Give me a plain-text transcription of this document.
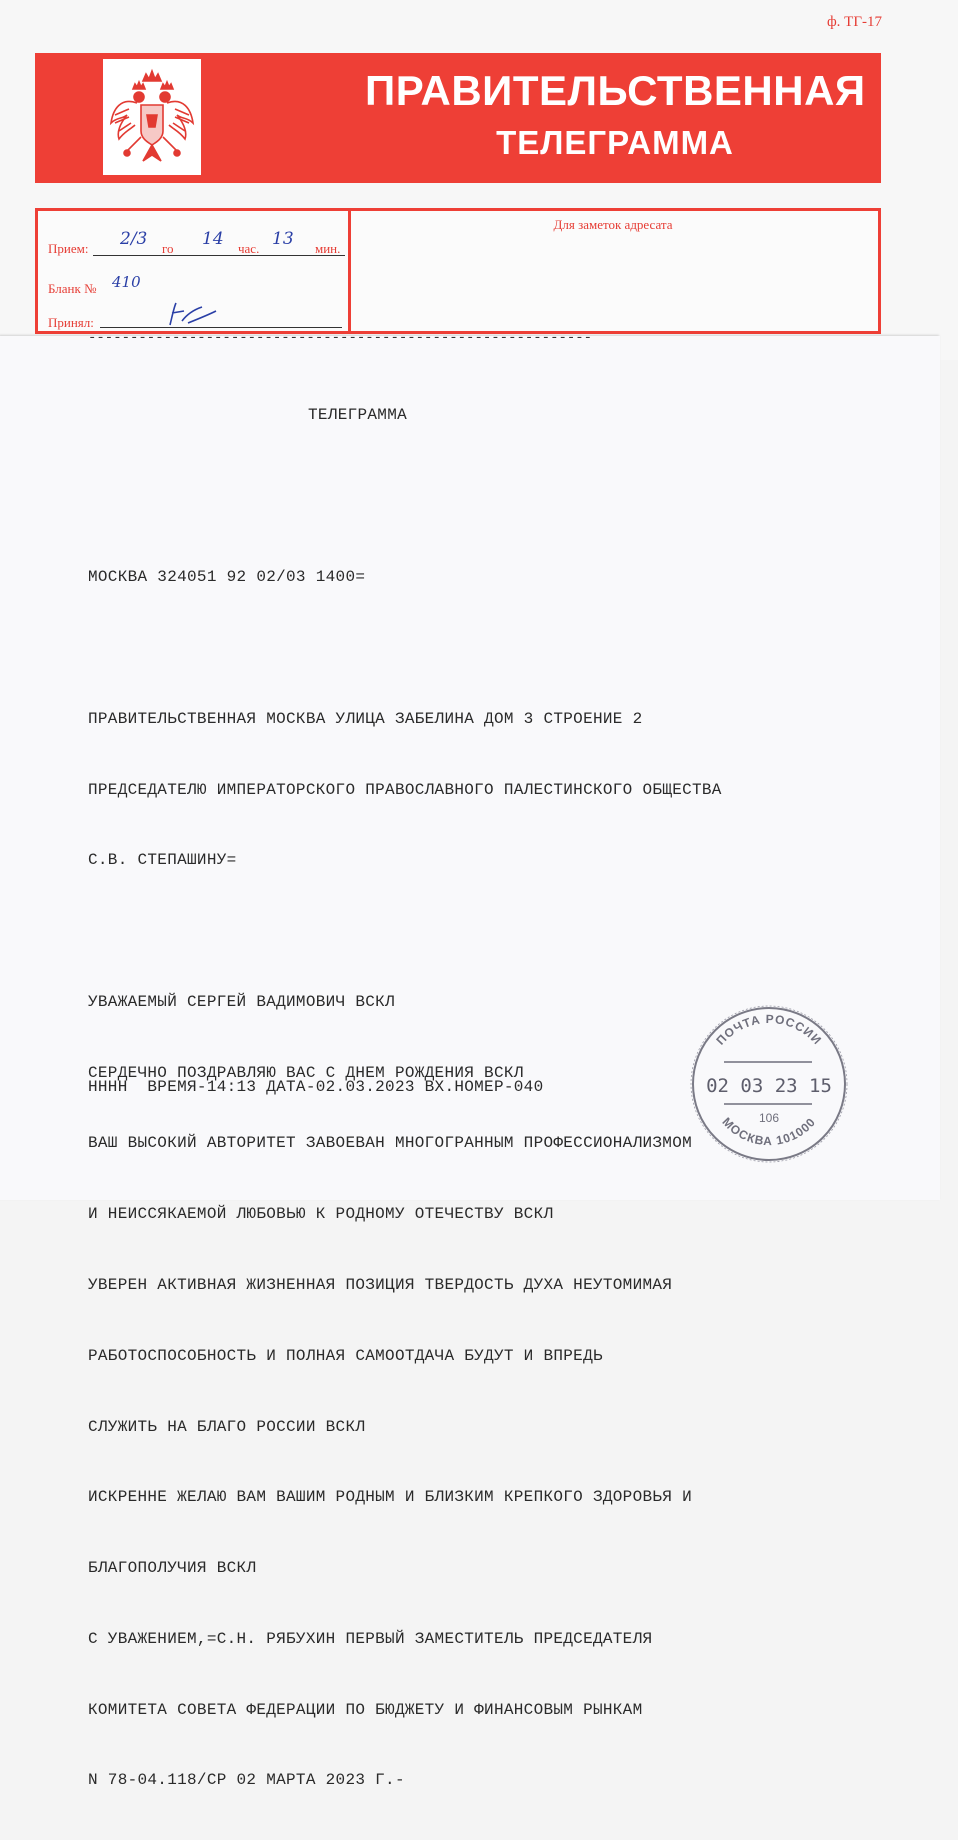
ф. ТГ-17
ПРАВИТЕЛЬСТВЕННАЯ
ТЕЛЕГРАММА
Прием: 2/3 го 14 час. 13 мин.
Бланк № 410
Принял:
Для заметок адресата
------------------------------------------------------------
ТЕЛЕГРАММА

МОСКВА 324051 92 02/03 1400=

ПРАВИТЕЛЬСТВЕННАЯ МОСКВА УЛИЦА ЗАБЕЛИНА ДОМ 3 СТРОЕНИЕ 2

ПРЕДСЕДАТЕЛЮ ИМПЕРАТОРСКОГО ПРАВОСЛАВНОГО ПАЛЕСТИНСКОГО ОБЩЕСТВА

С.В. СТЕПАШИНУ=

УВАЖАЕМЫЙ СЕРГЕЙ ВАДИМОВИЧ ВСКЛ

СЕРДЕЧНО ПОЗДРАВЛЯЮ ВАС С ДНЕМ РОЖДЕНИЯ ВСКЛ

ВАШ ВЫСОКИЙ АВТОРИТЕТ ЗАВОЕВАН МНОГОГРАННЫМ ПРОФЕССИОНАЛИЗМОМ

И НЕИССЯКАЕМОЙ ЛЮБОВЬЮ К РОДНОМУ ОТЕЧЕСТВУ ВСКЛ

УВЕРЕН АКТИВНАЯ ЖИЗНЕННАЯ ПОЗИЦИЯ ТВЕРДОСТЬ ДУХА НЕУТОМИМАЯ

РАБОТОСПОСОБНОСТЬ И ПОЛНАЯ САМООТДАЧА БУДУТ И ВПРЕДЬ

СЛУЖИТЬ НА БЛАГО РОССИИ ВСКЛ

ИСКРЕННЕ ЖЕЛАЮ ВАМ ВАШИМ РОДНЫМ И БЛИЗКИМ КРЕПКОГО ЗДОРОВЬЯ И

БЛАГОПОЛУЧИЯ ВСКЛ

С УВАЖЕНИЕМ,=С.Н. РЯБУХИН ПЕРВЫЙ ЗАМЕСТИТЕЛЬ ПРЕДСЕДАТЕЛЯ

КОМИТЕТА СОВЕТА ФЕДЕРАЦИИ ПО БЮДЖЕТУ И ФИНАНСОВЫМ РЫНКАМ

N 78-04.118/СР 02 МАРТА 2023 Г.-

НННН  ВРЕМЯ-14:13 ДАТА-02.03.2023 ВХ.НОМЕР-040
ПОЧТА РОССИИ
02 03 23 15
106
МОСКВА 101000
